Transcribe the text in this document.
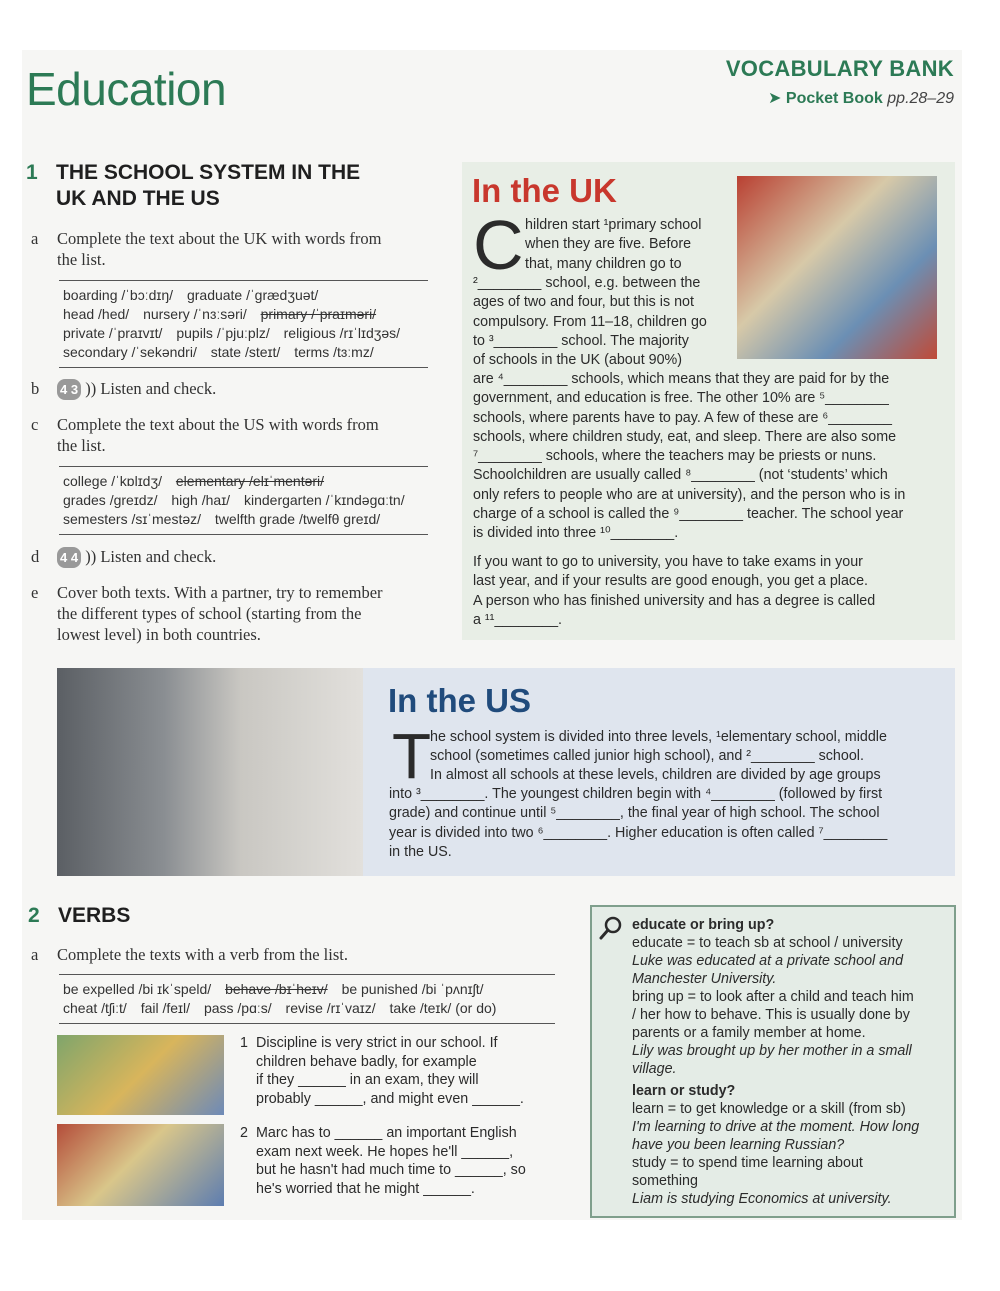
Education	VOCABULARY BANK
➤ Pocket Book pp.28–29
1 THE SCHOOL SYSTEM IN THE
UK AND THE US
a Complete the text about the UK with words from
the list.
boarding /ˈbɔːdɪŋ/ graduate /ˈɡrædʒuət/
head /hed/ nursery /ˈnɜːsəri/ primary /ˈpraɪməri/
private /ˈpraɪvɪt/ pupils /ˈpjuːplz/ religious /rɪˈlɪdʒəs/
secondary /ˈsekəndri/ state /steɪt/ terms /tɜːmz/
b 4 3 )) Listen and check.
c Complete the text about the US with words from
the list.
college /ˈkɒlɪdʒ/ elementary /elɪˈmentəri/
grades /ɡreɪdz/ high /haɪ/ kindergarten /ˈkɪndəɡɑːtn/
semesters /sɪˈmestəz/ twelfth grade /twelfθ ɡreɪd/
d 4 4 )) Listen and check.
e Cover both texts. With a partner, try to remember
the different types of school (starting from the
lowest level) in both countries.
In the UK
C hildren start ¹primary school
when they are five. Before
that, many children go to
²________ school, e.g. between the
ages of two and four, but this is not
compulsory. From 11–18, children go
to ³________ school. The majority
of schools in the UK (about 90%)
are ⁴________ schools, which means that they are paid for by the
government, and education is free. The other 10% are ⁵________
schools, where parents have to pay. A few of these are ⁶________
schools, where children study, eat, and sleep. There are also some
⁷________ schools, where the teachers may be priests or nuns.
Schoolchildren are usually called ⁸________ (not ‘students’ which
only refers to people who are at university), and the person who is in
charge of a school is called the ⁹________ teacher. The school year
is divided into three ¹⁰________.
If you want to go to university, you have to take exams in your
last year, and if your results are good enough, you get a place.
A person who has finished university and has a degree is called
a ¹¹________.
In the US
T
he school system is divided into three levels, ¹elementary school, middle
school (sometimes called junior high school), and ²________ school.
In almost all schools at these levels, children are divided by age groups
into ³________. The youngest children begin with ⁴________ (followed by first
grade) and continue until ⁵________, the final year of high school. The school
year is divided into two ⁶________. Higher education is often called ⁷________
in the US.
2 VERBS
a Complete the texts with a verb from the list.
be expelled /bi ɪkˈspeld/ behave /bɪˈheɪv/ be punished /bi ˈpʌnɪʃt/
cheat /tʃiːt/ fail /feɪl/ pass /pɑːs/ revise /rɪˈvaɪz/ take /teɪk/ (or do)
1 Discipline is very strict in our school. If
children behave badly, for example
if they ______ in an exam, they will
probably ______, and might even ______.
2 Marc has to ______ an important English
exam next week. He hopes he'll ______,
but he hasn't had much time to ______, so
he's worried that he might ______.

educate or bring up?

educate = to teach sb at school / university

Luke was educated at a private school and

Manchester University.

bring up = to look after a child and teach him

/ her how to behave. This is usually done by

parents or a family member at home.

Lily was brought up by her mother in a small

village.

learn or study?

learn = to get knowledge or a skill (from sb)

I'm learning to drive at the moment. How long

have you been learning Russian?

study = to spend time learning about

something

Liam is studying Economics at university.
